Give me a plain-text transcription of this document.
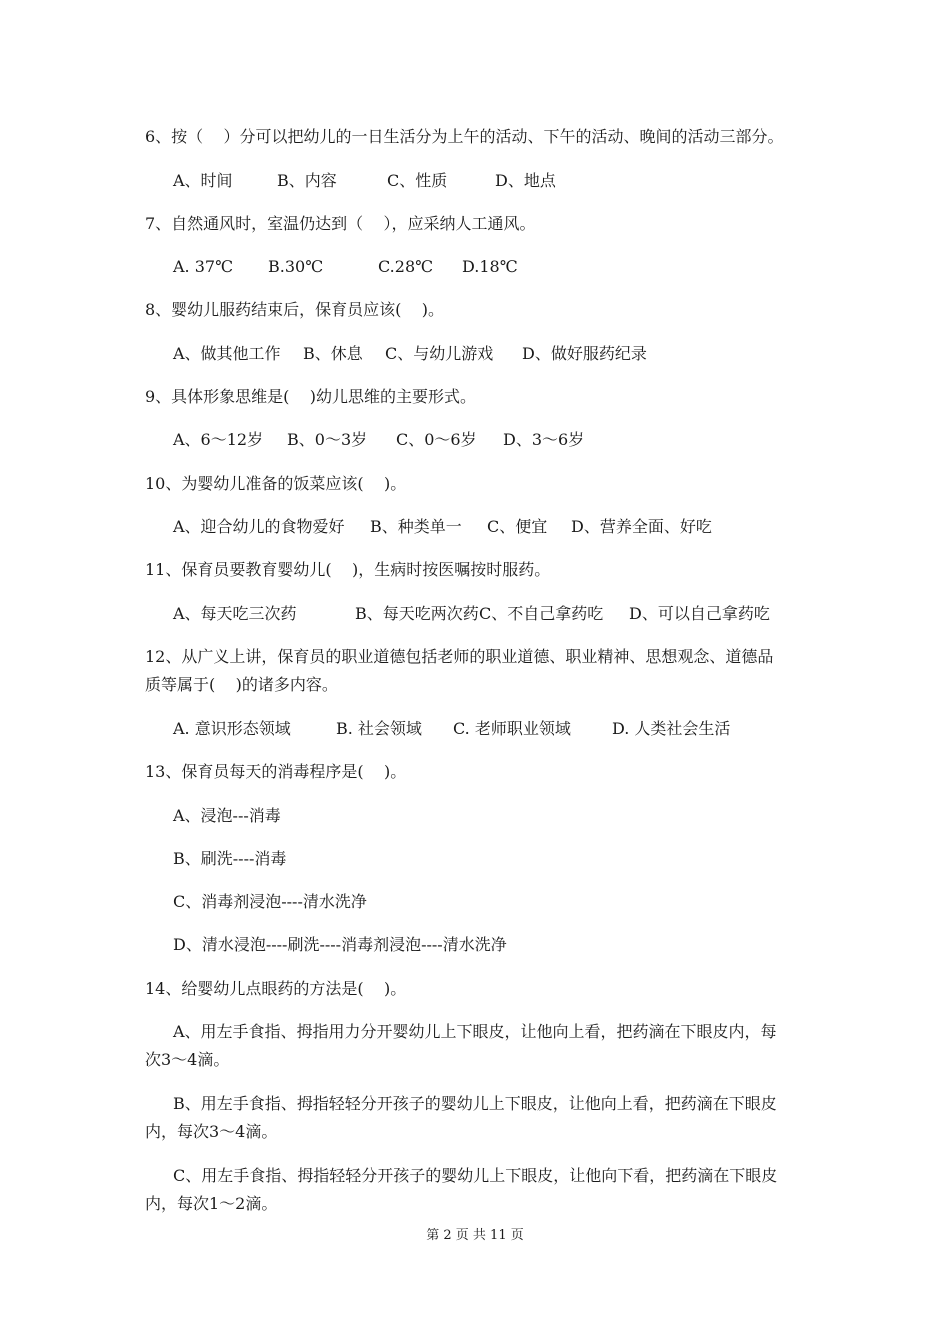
6、按（    ）分可以把幼儿的一日生活分为上午的活动、下午的活动、晚间的活动三部分。

A、时间

	B、内容

	C、性质

	D、地点

7、自然通风时，室温仍达到（    ），应采纳人工通风。

A. 37℃

B.30℃

	C.28℃

D.18℃

8、婴幼儿服药结束后，保育员应该(    )。

A、做其他工作

B、休息

C、与幼儿游戏

D、做好服药纪录

9、具体形象思维是(    )幼儿思维的主要形式。

A、6～12岁

B、0～3岁

C、0～6岁

D、3～6岁

10、为婴幼儿准备的饭菜应该(    )。

A、迎合幼儿的食物爱好

B、种类单一

C、便宜

D、营养全面、好吃

11、保育员要教育婴幼儿(    )，生病时按医嘱按时服药。

A、每天吃三次药

	B、每天吃两次药

C、不自己拿药吃

D、可以自己拿药吃

12、从广义上讲，保育员的职业道德包括老师的职业道德、职业精神、思想观念、道德品
质等属于(    )的诸多内容。

A. 意识形态领域

	B. 社会领域

C. 老师职业领域

	D. 人类社会生活

13、保育员每天的消毒程序是(    )。
A、浸泡---消毒
B、刷洗----消毒
C、消毒剂浸泡----清水洗净
D、清水浸泡----刷洗----消毒剂浸泡----清水洗净
14、给婴幼儿点眼药的方法是(    )。
A、用左手食指、拇指用力分开婴幼儿上下眼皮，让他向上看，把药滴在下眼皮内，每
次3～4滴。
B、用左手食指、拇指轻轻分开孩子的婴幼儿上下眼皮，让他向上看，把药滴在下眼皮
内，每次3～4滴。
C、用左手食指、拇指轻轻分开孩子的婴幼儿上下眼皮，让他向下看，把药滴在下眼皮
内，每次1～2滴。
第 2 页 共 11 页
